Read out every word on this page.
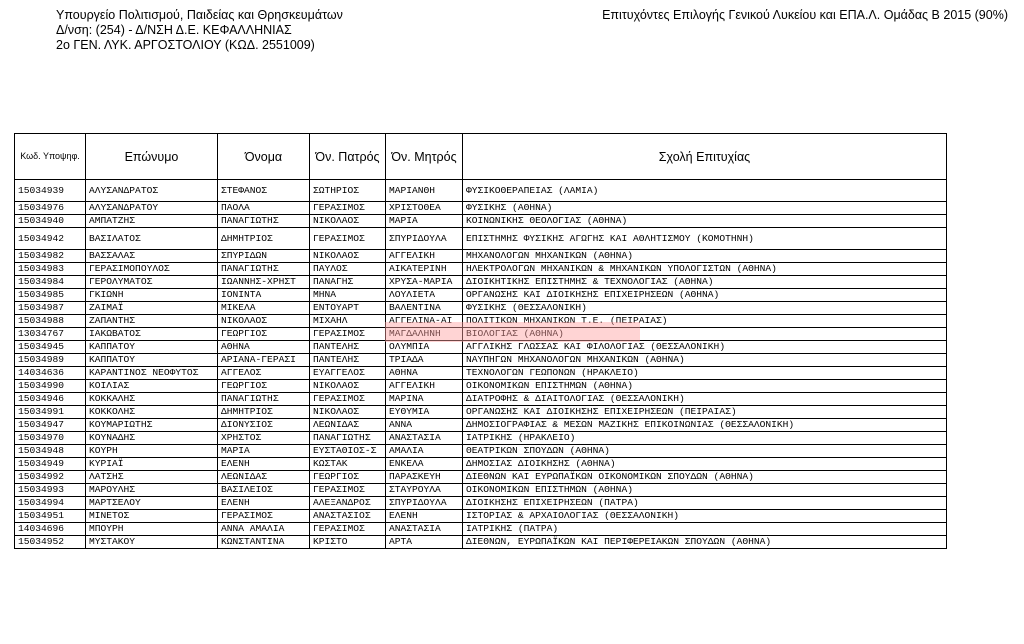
Υπουργείο Πολιτισμού, Παιδείας και Θρησκευμάτων
Δ/νση: (254) - Δ/ΝΣΗ Δ.Ε. ΚΕΦΑΛΛΗΝΙΑΣ
2ο ΓΕΝ. ΛΥΚ. ΑΡΓΟΣΤΟΛΙΟΥ (ΚΩΔ. 2551009)
Επιτυχόντες Επιλογής Γενικού Λυκείου και ΕΠΑ.Λ. Ομάδας Β 2015 (90%)
Κωδ. Υποψηφ.	Επώνυμο	Όνομα	Όν. Πατρός	Όν. Μητρός	Σχολή Επιτυχίας
15034939	ΑΛΥΣΑΝΔΡΑΤΟΣ	ΣΤΕΦΑΝΟΣ	ΣΩΤΗΡΙΟΣ	ΜΑΡΙΑΝΘΗ	ΦΥΣΙΚΟΘΕΡΑΠΕΙΑΣ (ΛΑΜΙΑ)
15034976	ΑΛΥΣΑΝΔΡΑΤΟΥ	ΠΑΟΛΑ	ΓΕΡΑΣΙΜΟΣ	ΧΡΙΣΤΟΘΕΑ	ΦΥΣΙΚΗΣ (ΑΘΗΝΑ)
15034940	ΑΜΠΑΤΖΗΣ	ΠΑΝΑΓΙΩΤΗΣ	ΝΙΚΟΛΑΟΣ	ΜΑΡΙΑ	ΚΟΙΝΩΝΙΚΗΣ ΘΕΟΛΟΓΙΑΣ (ΑΘΗΝΑ)
15034942	ΒΑΣΙΛΑΤΟΣ	ΔΗΜΗΤΡΙΟΣ	ΓΕΡΑΣΙΜΟΣ	ΣΠΥΡΙΔΟΥΛΑ	ΕΠΙΣΤΗΜΗΣ ΦΥΣΙΚΗΣ ΑΓΩΓΗΣ ΚΑΙ ΑΘΛΗΤΙΣΜΟΥ (ΚΟΜΟΤΗΝΗ)
15034982	ΒΑΣΣΑΛΑΣ	ΣΠΥΡΙΔΩΝ	ΝΙΚΟΛΑΟΣ	ΑΓΓΕΛΙΚΗ	ΜΗΧΑΝΟΛΟΓΩΝ ΜΗΧΑΝΙΚΩΝ (ΑΘΗΝΑ)
15034983	ΓΕΡΑΣΙΜΟΠΟΥΛΟΣ	ΠΑΝΑΓΙΩΤΗΣ	ΠΑΥΛΟΣ	ΑΙΚΑΤΕΡΙΝΗ	ΗΛΕΚΤΡΟΛΟΓΩΝ ΜΗΧΑΝΙΚΩΝ & ΜΗΧΑΝΙΚΩΝ ΥΠΟΛΟΓΙΣΤΩΝ (ΑΘΗΝΑ)
15034984	ΓΕΡΟΛΥΜΑΤΟΣ	ΙΩΑΝΝΗΣ-ΧΡΗΣΤ	ΠΑΝΑΓΗΣ	ΧΡΥΣΑ-ΜΑΡΙΑ	ΔΙΟΙΚΗΤΙΚΗΣ ΕΠΙΣΤΗΜΗΣ & ΤΕΧΝΟΛΟΓΙΑΣ (ΑΘΗΝΑ)
15034985	ΓΚΙΩΝΗ	ΙΟΝΙΝΤΑ	ΜΗΝΑ	ΛΟΥΛΙΕΤΑ	ΟΡΓΑΝΩΣΗΣ ΚΑΙ ΔΙΟΙΚΗΣΗΣ ΕΠΙΧΕΙΡΗΣΕΩΝ (ΑΘΗΝΑ)
15034987	ΖΑΙΜΑΪ	ΜΙΚΕΛΑ	ΕΝΤΟΥΑΡΤ	ΒΑΛΕΝΤΙΝΑ	ΦΥΣΙΚΗΣ (ΘΕΣΣΑΛΟΝΙΚΗ)
15034988	ΖΑΠΑΝΤΗΣ	ΝΙΚΟΛΑΟΣ	ΜΙΧΑΗΛ	ΑΓΓΕΛΙΝΑ-ΑΙ	ΠΟΛΙΤΙΚΩΝ ΜΗΧΑΝΙΚΩΝ Τ.Ε. (ΠΕΙΡΑΙΑΣ)
13034767	ΙΑΚΩΒΑΤΟΣ	ΓΕΩΡΓΙΟΣ	ΓΕΡΑΣΙΜΟΣ	ΜΑΓΔΑΛΗΝΗ	ΒΙΟΛΟΓΙΑΣ (ΑΘΗΝΑ)
15034945	ΚΑΠΠΑΤΟΥ	ΑΘΗΝΑ	ΠΑΝΤΕΛΗΣ	ΟΛΥΜΠΙΑ	ΑΓΓΛΙΚΗΣ ΓΛΩΣΣΑΣ ΚΑΙ ΦΙΛΟΛΟΓΙΑΣ (ΘΕΣΣΑΛΟΝΙΚΗ)
15034989	ΚΑΠΠΑΤΟΥ	ΑΡΙΑΝΑ-ΓΕΡΑΣΙ	ΠΑΝΤΕΛΗΣ	ΤΡΙΑΔΑ	ΝΑΥΠΗΓΩΝ ΜΗΧΑΝΟΛΟΓΩΝ ΜΗΧΑΝΙΚΩΝ (ΑΘΗΝΑ)
14034636	ΚΑΡΑΝΤΙΝΟΣ ΝΕΟΦΥΤΟΣ	ΑΓΓΕΛΟΣ	ΕΥΑΓΓΕΛΟΣ	ΑΘΗΝΑ	ΤΕΧΝΟΛΟΓΩΝ ΓΕΩΠΟΝΩΝ (ΗΡΑΚΛΕΙΟ)
15034990	ΚΟΙΛΙΑΣ	ΓΕΩΡΓΙΟΣ	ΝΙΚΟΛΑΟΣ	ΑΓΓΕΛΙΚΗ	ΟΙΚΟΝΟΜΙΚΩΝ ΕΠΙΣΤΗΜΩΝ (ΑΘΗΝΑ)
15034946	ΚΟΚΚΑΛΗΣ	ΠΑΝΑΓΙΩΤΗΣ	ΓΕΡΑΣΙΜΟΣ	ΜΑΡΙΝΑ	ΔΙΑΤΡΟΦΗΣ & ΔΙΑΙΤΟΛΟΓΙΑΣ (ΘΕΣΣΑΛΟΝΙΚΗ)
15034991	ΚΟΚΚΟΛΗΣ	ΔΗΜΗΤΡΙΟΣ	ΝΙΚΟΛΑΟΣ	ΕΥΘΥΜΙΑ	ΟΡΓΑΝΩΣΗΣ ΚΑΙ ΔΙΟΙΚΗΣΗΣ ΕΠΙΧΕΙΡΗΣΕΩΝ (ΠΕΙΡΑΙΑΣ)
15034947	ΚΟΥΜΑΡΙΩΤΗΣ	ΔΙΟΝΥΣΙΟΣ	ΛΕΩΝΙΔΑΣ	ΑΝΝΑ	ΔΗΜΟΣΙΟΓΡΑΦΙΑΣ & ΜΕΣΩΝ ΜΑΖΙΚΗΣ ΕΠΙΚΟΙΝΩΝΙΑΣ (ΘΕΣΣΑΛΟΝΙΚΗ)
15034970	ΚΟΥΝΑΔΗΣ	ΧΡΗΣΤΟΣ	ΠΑΝΑΓΙΩΤΗΣ	ΑΝΑΣΤΑΣΙΑ	ΙΑΤΡΙΚΗΣ (ΗΡΑΚΛΕΙΟ)
15034948	ΚΟΥΡΗ	ΜΑΡΙΑ	ΕΥΣΤΑΘΙΟΣ-Σ	ΑΜΑΛΙΑ	ΘΕΑΤΡΙΚΩΝ ΣΠΟΥΔΩΝ (ΑΘΗΝΑ)
15034949	ΚΥΡΙΑΪ	ΕΛΕΝΗ	ΚΩΣΤΑΚ	ΕΝΚΕΛΑ	ΔΗΜΟΣΙΑΣ ΔΙΟΙΚΗΣΗΣ (ΑΘΗΝΑ)
15034992	ΛΑΤΣΗΣ	ΛΕΩΝΙΔΑΣ	ΓΕΩΡΓΙΟΣ	ΠΑΡΑΣΚΕΥΗ	ΔΙΕΘΝΩΝ ΚΑΙ ΕΥΡΩΠΑΪΚΩΝ ΟΙΚΟΝΟΜΙΚΩΝ ΣΠΟΥΔΩΝ (ΑΘΗΝΑ)
15034993	ΜΑΡΟΥΛΗΣ	ΒΑΣΙΛΕΙΟΣ	ΓΕΡΑΣΙΜΟΣ	ΣΤΑΥΡΟΥΛΑ	ΟΙΚΟΝΟΜΙΚΩΝ ΕΠΙΣΤΗΜΩΝ (ΑΘΗΝΑ)
15034994	ΜΑΡΤΣΕΛΟΥ	ΕΛΕΝΗ	ΑΛΕΞΑΝΔΡΟΣ	ΣΠΥΡΙΔΟΥΛΑ	ΔΙΟΙΚΗΣΗΣ ΕΠΙΧΕΙΡΗΣΕΩΝ (ΠΑΤΡΑ)
15034951	ΜΙΝΕΤΟΣ	ΓΕΡΑΣΙΜΟΣ	ΑΝΑΣΤΑΣΙΟΣ	ΕΛΕΝΗ	ΙΣΤΟΡΙΑΣ & ΑΡΧΑΙΟΛΟΓΙΑΣ (ΘΕΣΣΑΛΟΝΙΚΗ)
14034696	ΜΠΟΥΡΗ	ΑΝΝΑ ΑΜΑΛΙΑ	ΓΕΡΑΣΙΜΟΣ	ΑΝΑΣΤΑΣΙΑ	ΙΑΤΡΙΚΗΣ (ΠΑΤΡΑ)
15034952	ΜΥΣΤΑΚΟΥ	ΚΩΝΣΤΑΝΤΙΝΑ	ΚΡΙΣΤΟ	ΑΡΤΑ	ΔΙΕΘΝΩΝ, ΕΥΡΩΠΑΪΚΩΝ ΚΑΙ ΠΕΡΙΦΕΡΕΙΑΚΩΝ ΣΠΟΥΔΩΝ (ΑΘΗΝΑ)
